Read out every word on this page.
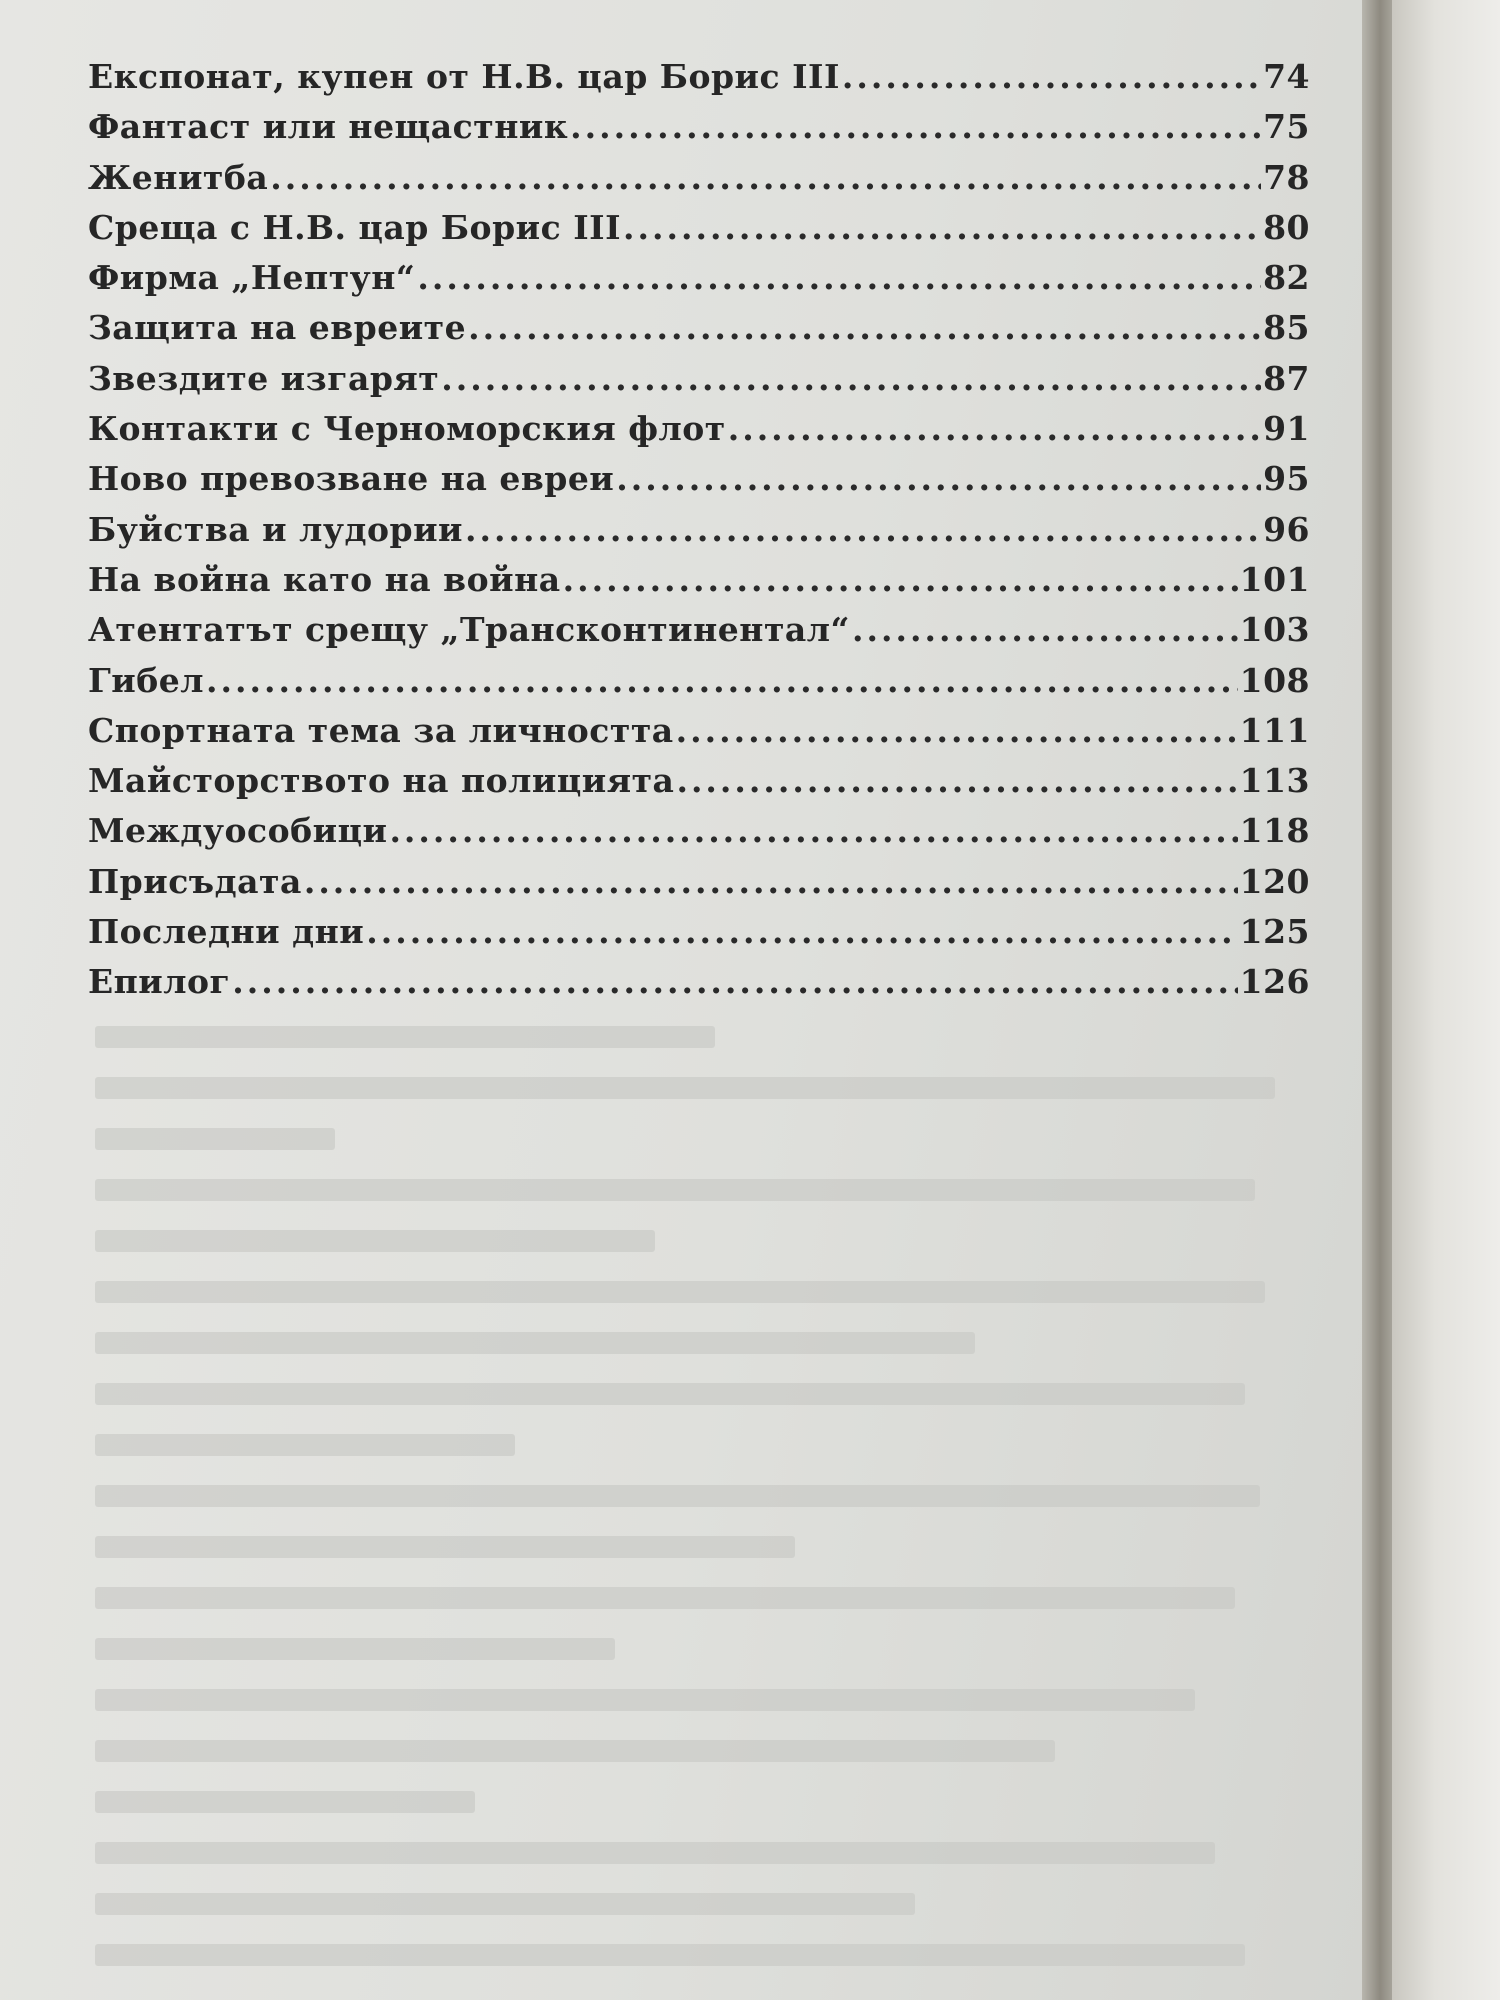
Експонат, купен от Н.В. цар Борис III .....	74
Фантаст или нещастник .....	75
Женитба .....	78
Среща с Н.В. цар Борис III .....	80
Фирма „Нептун“ .....	82
Защита на евреите .....	85
Звездите изгарят .....	87
Контакти с Черноморския флот .....	91
Ново превозване на евреи .....	95
Буйства и лудории .....	96
На война като на война .....	101
Атентатът срещу „Трансконтинентал“ .....	103
Гибел .....	108
Спортната тема за личността .....	111
Майсторството на полицията .....	113
Междуособици .....	118
Присъдата .....	120
Последни дни .....	125
Епилог .....	126
